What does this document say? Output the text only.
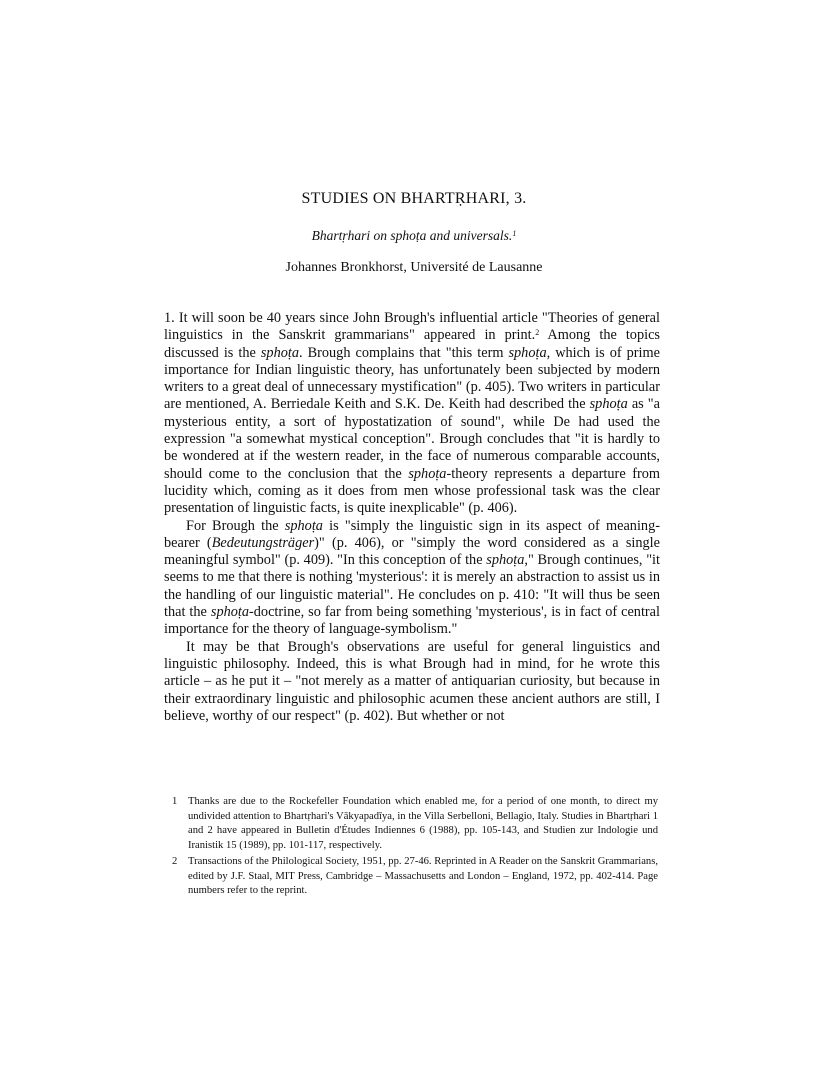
STUDIES ON BHARTṚHARI, 3.
Bhartṛhari on sphoṭa and universals.$^1$
Johannes Bronkhorst, Université de Lausanne

1. It will soon be 40 years since John Brough's influential article "Theories of general linguistics in the Sanskrit grammarians" appeared in print.$^2$ Among the topics discussed is the sphoṭa. Brough complains that "this term sphoṭa, which is of prime importance for Indian linguistic theory, has unfortunately been subjected by modern writers to a great deal of unnecessary mystification" (p. 405). Two writers in particular are mentioned, A. Berriedale Keith and S.K. De. Keith had described the sphoṭa as "a mysterious entity, a sort of hypostatization of sound", while De had used the expression "a somewhat mystical conception". Brough concludes that "it is hardly to be wondered at if the western reader, in the face of numerous comparable accounts, should come to the conclusion that the sphoṭa-theory represents a departure from lucidity which, coming as it does from men whose professional task was the clear presentation of linguistic facts, is quite inexplicable" (p. 406).

For Brough the sphoṭa is "simply the linguistic sign in its aspect of meaning-bearer (Bedeutungsträger)" (p. 406), or "simply the word considered as a single meaningful symbol" (p. 409). "In this conception of the sphoṭa," Brough continues, "it seems to me that there is nothing 'mysterious': it is merely an abstraction to assist us in the handling of our linguistic material". He concludes on p. 410: "It will thus be seen that the sphoṭa-doctrine, so far from being something 'mysterious', is in fact of central importance for the theory of language-symbolism."

It may be that Brough's observations are useful for general linguistics and linguistic philosophy. Indeed, this is what Brough had in mind, for he wrote this article – as he put it – "not merely as a matter of antiquarian curiosity, but because in their extraordinary linguistic and philosophic acumen these ancient authors are still, I believe, worthy of our respect" (p. 402). But whether or not

1 Thanks are due to the Rockefeller Foundation which enabled me, for a period of one month, to direct my undivided attention to Bhartṛhari's Vākyapadīya, in the Villa Serbelloni, Bellagio, Italy. Studies in Bhartṛhari 1 and 2 have appeared in Bulletin d'Études Indiennes 6 (1988), pp. 105-143, and Studien zur Indologie und Iranistik 15 (1989), pp. 101-117, respectively.
2 Transactions of the Philological Society, 1951, pp. 27-46. Reprinted in A Reader on the Sanskrit Grammarians, edited by J.F. Staal, MIT Press, Cambridge – Massachusetts and London – England, 1972, pp. 402-414. Page numbers refer to the reprint.
